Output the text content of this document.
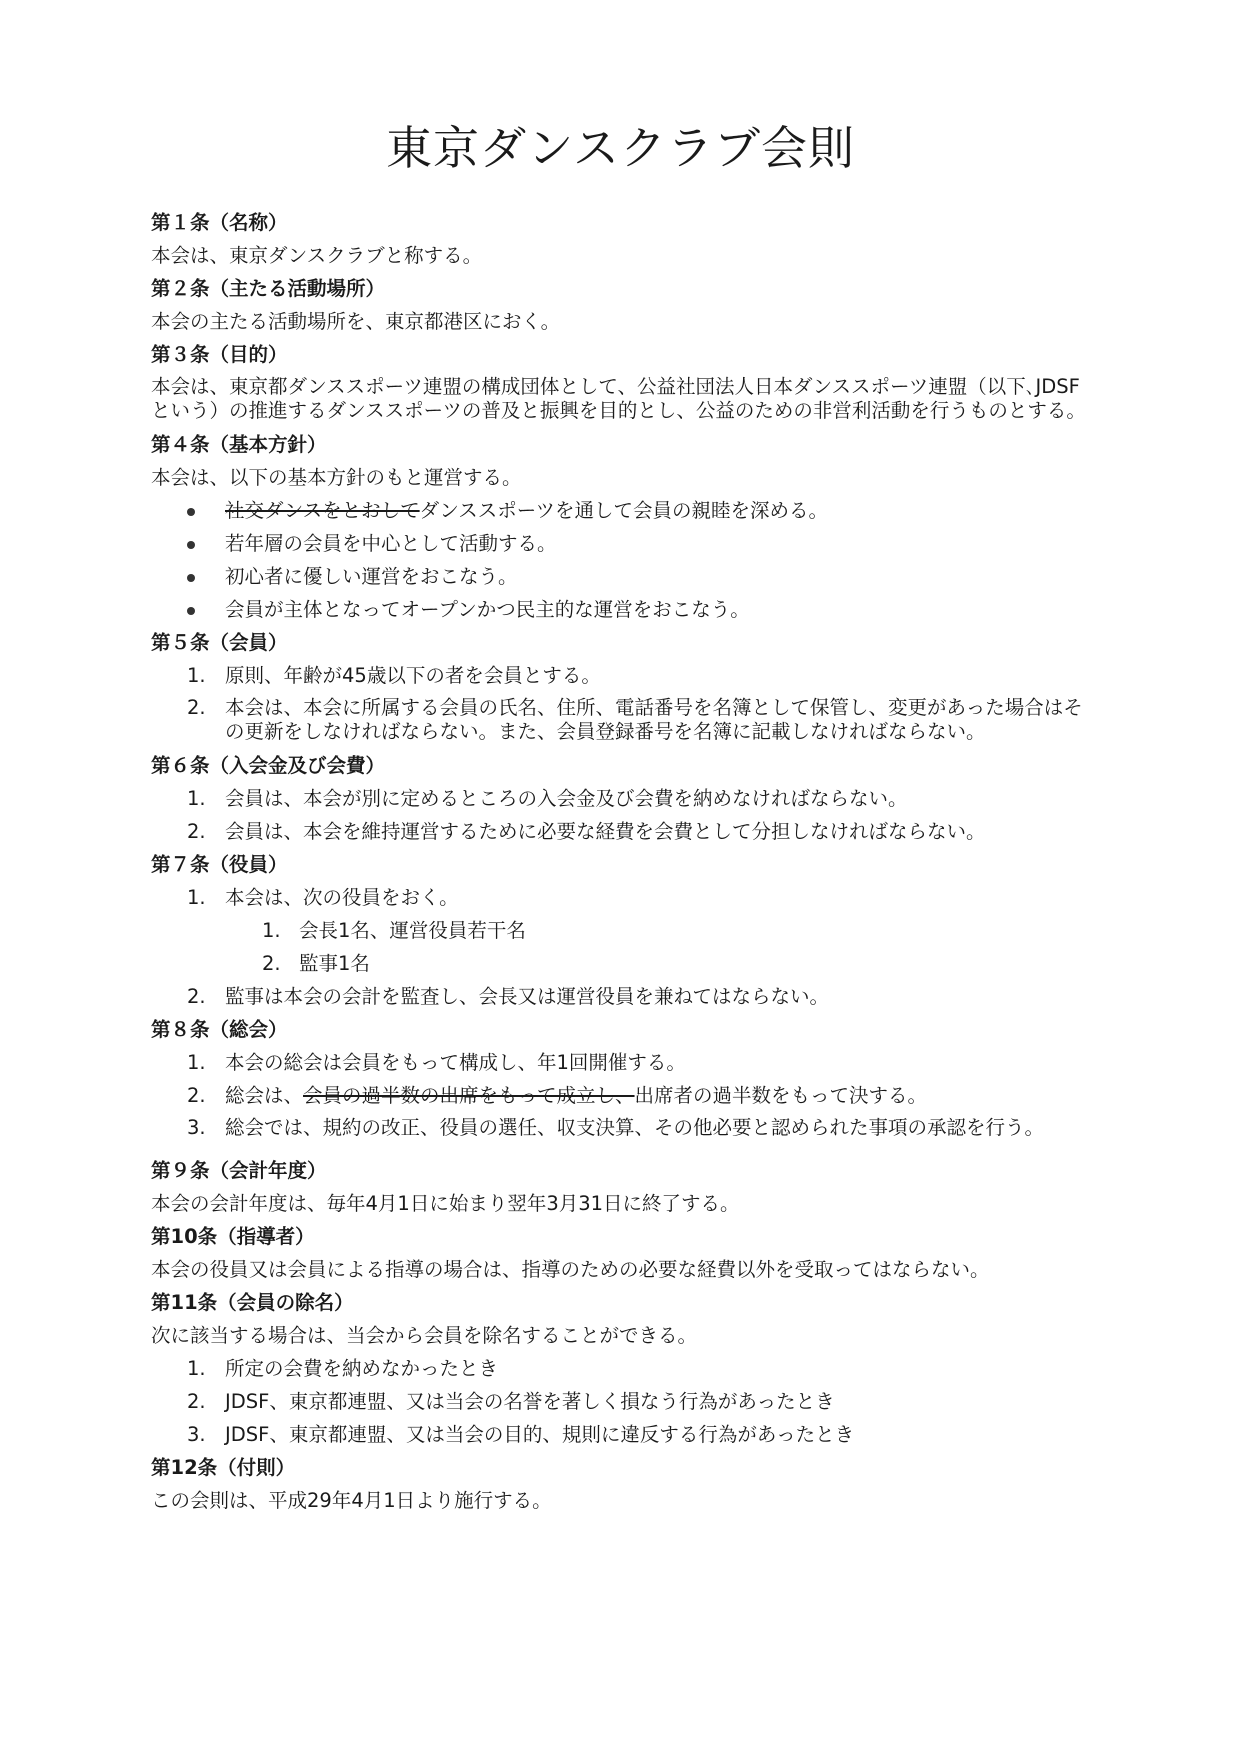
東京ダンスクラブ会則

第１条（名称）

本会は、東京ダンスクラブと称する。

第２条（主たる活動場所）

本会の主たる活動場所を、東京都港区におく。

第３条（目的）

本会は、東京都ダンススポーツ連盟の構成団体として、公益社団法人日本ダンススポーツ連盟（以下､JDSFという）の推進するダンススポーツの普及と振興を目的とし、公益のための非営利活動を行うものとする。

第４条（基本方針）

本会は、以下の基本方針のもと運営する。

社交ダンスをとおしてダンススポーツを通して会員の親睦を深める。
若年層の会員を中心として活動する。
初心者に優しい運営をおこなう。
会員が主体となってオープンかつ民主的な運営をおこなう。

第５条（会員）

1. 原則、年齢が45歳以下の者を会員とする。
2. 本会は、本会に所属する会員の氏名、住所、電話番号を名簿として保管し、変更があった場合はその更新をしなければならない。また、会員登録番号を名簿に記載しなければならない。

第６条（入会金及び会費）

1. 会員は、本会が別に定めるところの入会金及び会費を納めなければならない。
2. 会員は、本会を維持運営するために必要な経費を会費として分担しなければならない。

第７条（役員）

1. 本会は、次の役員をおく。
1. 会長1名、運営役員若干名
2. 監事1名
2. 監事は本会の会計を監査し、会長又は運営役員を兼ねてはならない。

第８条（総会）

1. 本会の総会は会員をもって構成し、年1回開催する。
2. 総会は、会員の過半数の出席をもって成立し、出席者の過半数をもって決する。
3. 総会では、規約の改正、役員の選任、収支決算、その他必要と認められた事項の承認を行う。

第９条（会計年度）

本会の会計年度は、毎年4月1日に始まり翌年3月31日に終了する。

第10条（指導者）

本会の役員又は会員による指導の場合は、指導のための必要な経費以外を受取ってはならない。

第11条（会員の除名）

次に該当する場合は、当会から会員を除名することができる。

1. 所定の会費を納めなかったとき
2. JDSF、東京都連盟、又は当会の名誉を著しく損なう行為があったとき
3. JDSF、東京都連盟、又は当会の目的、規則に違反する行為があったとき

第12条（付則）

この会則は、平成29年4月1日より施行する。
